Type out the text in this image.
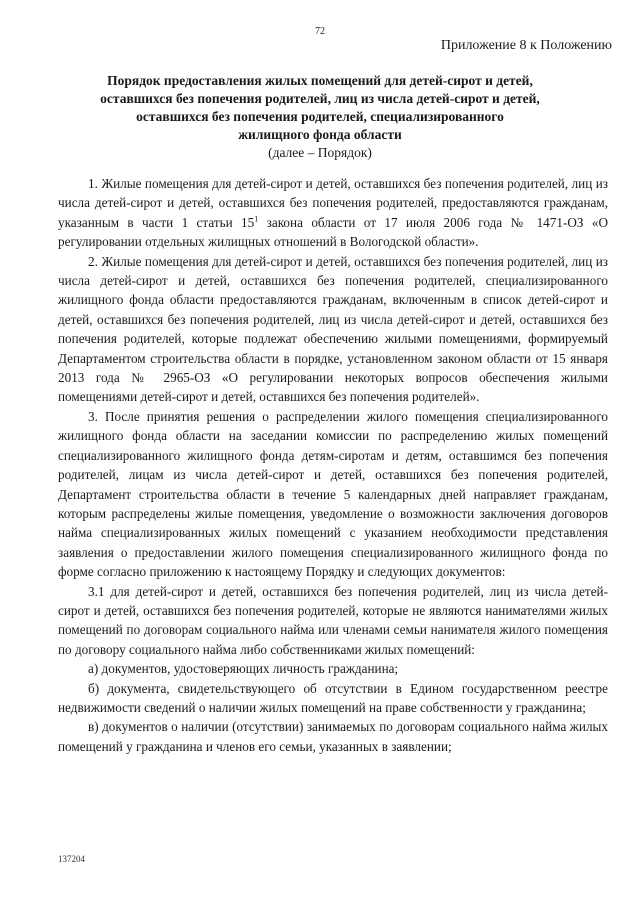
72
Приложение 8 к Положению
Порядок предоставления жилых помещений для детей-сирот и детей,
оставшихся без попечения родителей, лиц из числа детей-сирот и детей,
оставшихся без попечения родителей, специализированного
жилищного фонда области
(далее – Порядок)

1. Жилые помещения для детей-сирот и детей, оставшихся без попечения родителей, лиц из числа детей-сирот и детей, оставшихся без попечения родителей, предоставляются гражданам, указанным в части 1 статьи $15^1$ закона области от 17 июля 2006 года № 1471-ОЗ «О регулировании отдельных жилищных отношений в Вологодской области».

2. Жилые помещения для детей-сирот и детей, оставшихся без попечения родителей, лиц из числа детей-сирот и детей, оставшихся без попечения родителей, специализированного жилищного фонда области предоставляются гражданам, включенным в список детей-сирот и детей, оставшихся без попечения родителей, лиц из числа детей-сирот и детей, оставшихся без попечения родителей, которые подлежат обеспечению жилыми помещениями, формируемый Департаментом строительства области в порядке, установленном законом области от 15 января 2013 года № 2965-ОЗ «О регулировании некоторых вопросов обеспечения жилыми помещениями детей-сирот и детей, оставшихся без попечения родителей».

3. После принятия решения о распределении жилого помещения специализированного жилищного фонда области на заседании комиссии по распределению жилых помещений специализированного жилищного фонда детям-сиротам и детям, оставшимся без попечения родителей, лицам из числа детей-сирот и детей, оставшихся без попечения родителей, Департамент строительства области в течение 5 календарных дней направляет гражданам, которым распределены жилые помещения, уведомление о возможности заключения договоров найма специализированных жилых помещений с указанием необходимости представления заявления о предоставлении жилого помещения специализированного жилищного фонда по форме согласно приложению к настоящему Порядку и следующих документов:

3.1 для детей-сирот и детей, оставшихся без попечения родителей, лиц из числа детей-сирот и детей, оставшихся без попечения родителей, которые не являются нанимателями жилых помещений по договорам социального найма или членами семьи нанимателя жилого помещения по договору социального найма либо собственниками жилых помещений:

а) документов, удостоверяющих личность гражданина;

б) документа, свидетельствующего об отсутствии в Едином государственном реестре недвижимости сведений о наличии жилых помещений на праве собственности у гражданина;

в) документов о наличии (отсутствии) занимаемых по договорам социального найма жилых помещений у гражданина и членов его семьи, указанных в заявлении;

137204
